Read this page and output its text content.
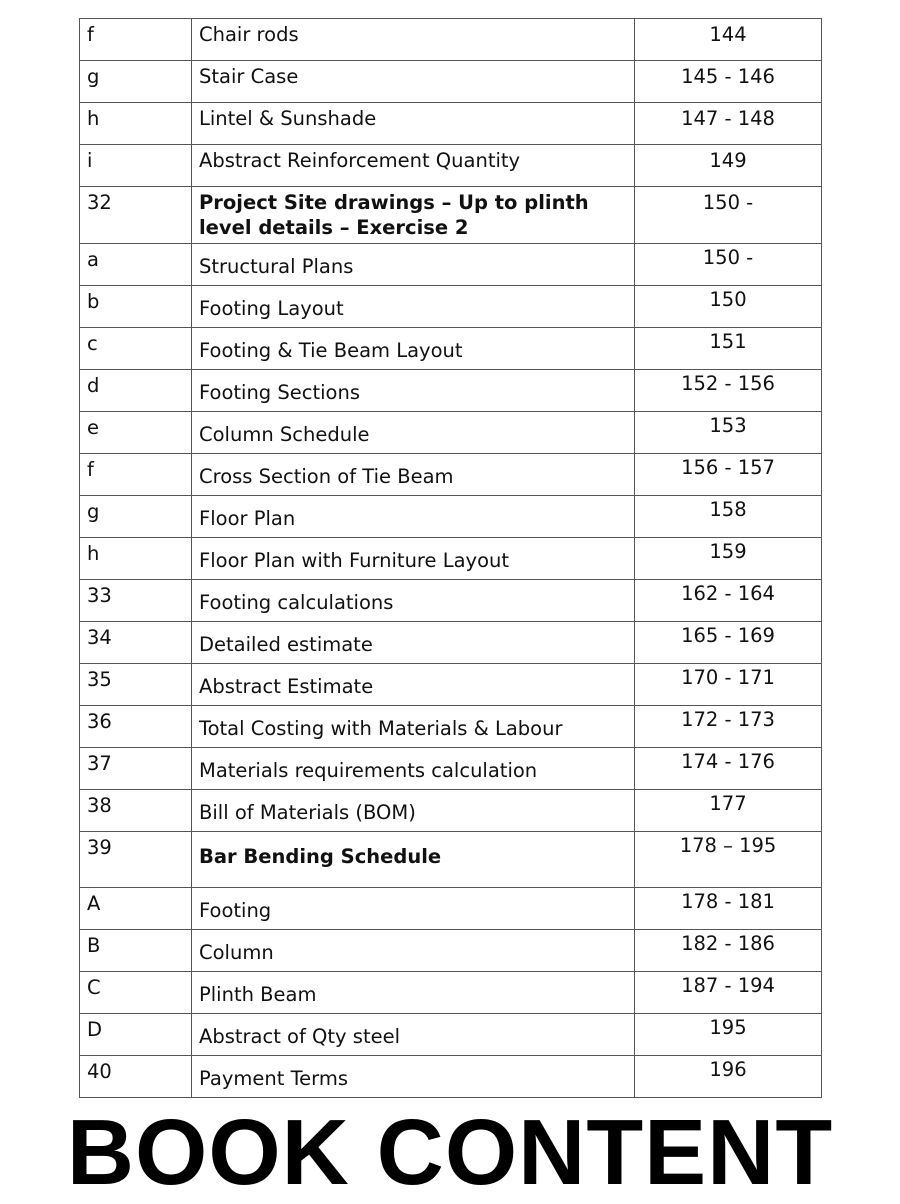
f	Chair rods	144
g	Stair Case	145 - 146
h	Lintel & Sunshade	147 - 148
i	Abstract Reinforcement Quantity	149
32	Project Site drawings – Up to plinth level details – Exercise 2	150 -
a	Structural Plans	150 -
b	Footing Layout	150
c	Footing & Tie Beam Layout	151
d	Footing Sections	152 - 156
e	Column Schedule	153
f	Cross Section of Tie Beam	156 - 157
g	Floor Plan	158
h	Floor Plan with Furniture Layout	159
33	Footing calculations	162 - 164
34	Detailed estimate	165 - 169
35	Abstract Estimate	170 - 171
36	Total Costing with Materials & Labour	172 - 173
37	Materials requirements calculation	174 - 176
38	Bill of Materials (BOM)	177
39	Bar Bending Schedule	178 – 195
A	Footing	178 - 181
B	Column	182 - 186
C	Plinth Beam	187 - 194
D	Abstract of Qty steel	195
40	Payment Terms	196
BOOK CONTENT
